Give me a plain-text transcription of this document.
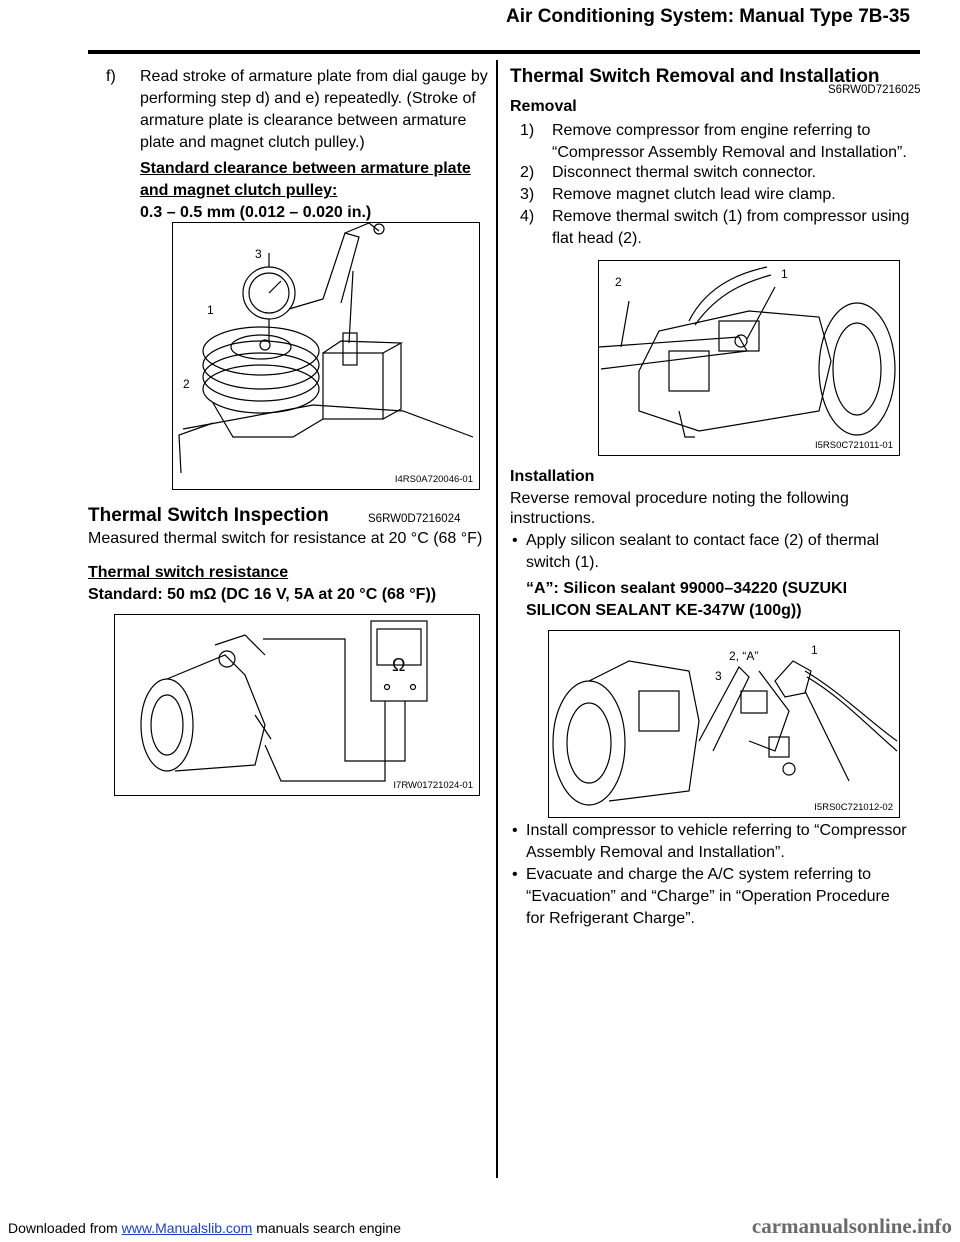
Air Conditioning System: Manual Type 7B-35
f) Read stroke of armature plate from dial gauge by
performing step d) and e) repeatedly. (Stroke of
armature plate is clearance between armature
plate and magnet clutch pulley.)
Standard clearance between armature plate
and magnet clutch pulley:
0.3 – 0.5 mm (0.012 – 0.020 in.)
3
1
2
I4RS0A720046-01
Thermal Switch Inspection	S6RW0D7216024
Measured thermal switch for resistance at 20 °C (68 °F)
Thermal switch resistance
Standard: 50 mΩ (DC 16 V, 5A at 20 °C (68 °F))
Ω
I7RW01721024-01
Thermal Switch Removal and Installation
S6RW0D7216025
Removal
1) Remove compressor from engine referring to
“Compressor Assembly Removal and Installation”.
2) Disconnect thermal switch connector.
3) Remove magnet clutch lead wire clamp.
4) Remove thermal switch (1) from compressor using
flat head (2).
2
1
I5RS0C721011-01
Installation
Reverse removal procedure noting the following
instructions.
• Apply silicon sealant to contact face (2) of thermal
switch (1).
“A”: Silicon sealant 99000–34220 (SUZUKI
SILICON SEALANT KE-347W (100g))
2, “A”	1
3
I5RS0C721012-02
• Install compressor to vehicle referring to “Compressor
Assembly Removal and Installation”.
• Evacuate and charge the A/C system referring to
“Evacuation” and “Charge” in “Operation Procedure
for Refrigerant Charge”.
Downloaded from www.Manualslib.com manuals search engine	carmanualsonline.info
